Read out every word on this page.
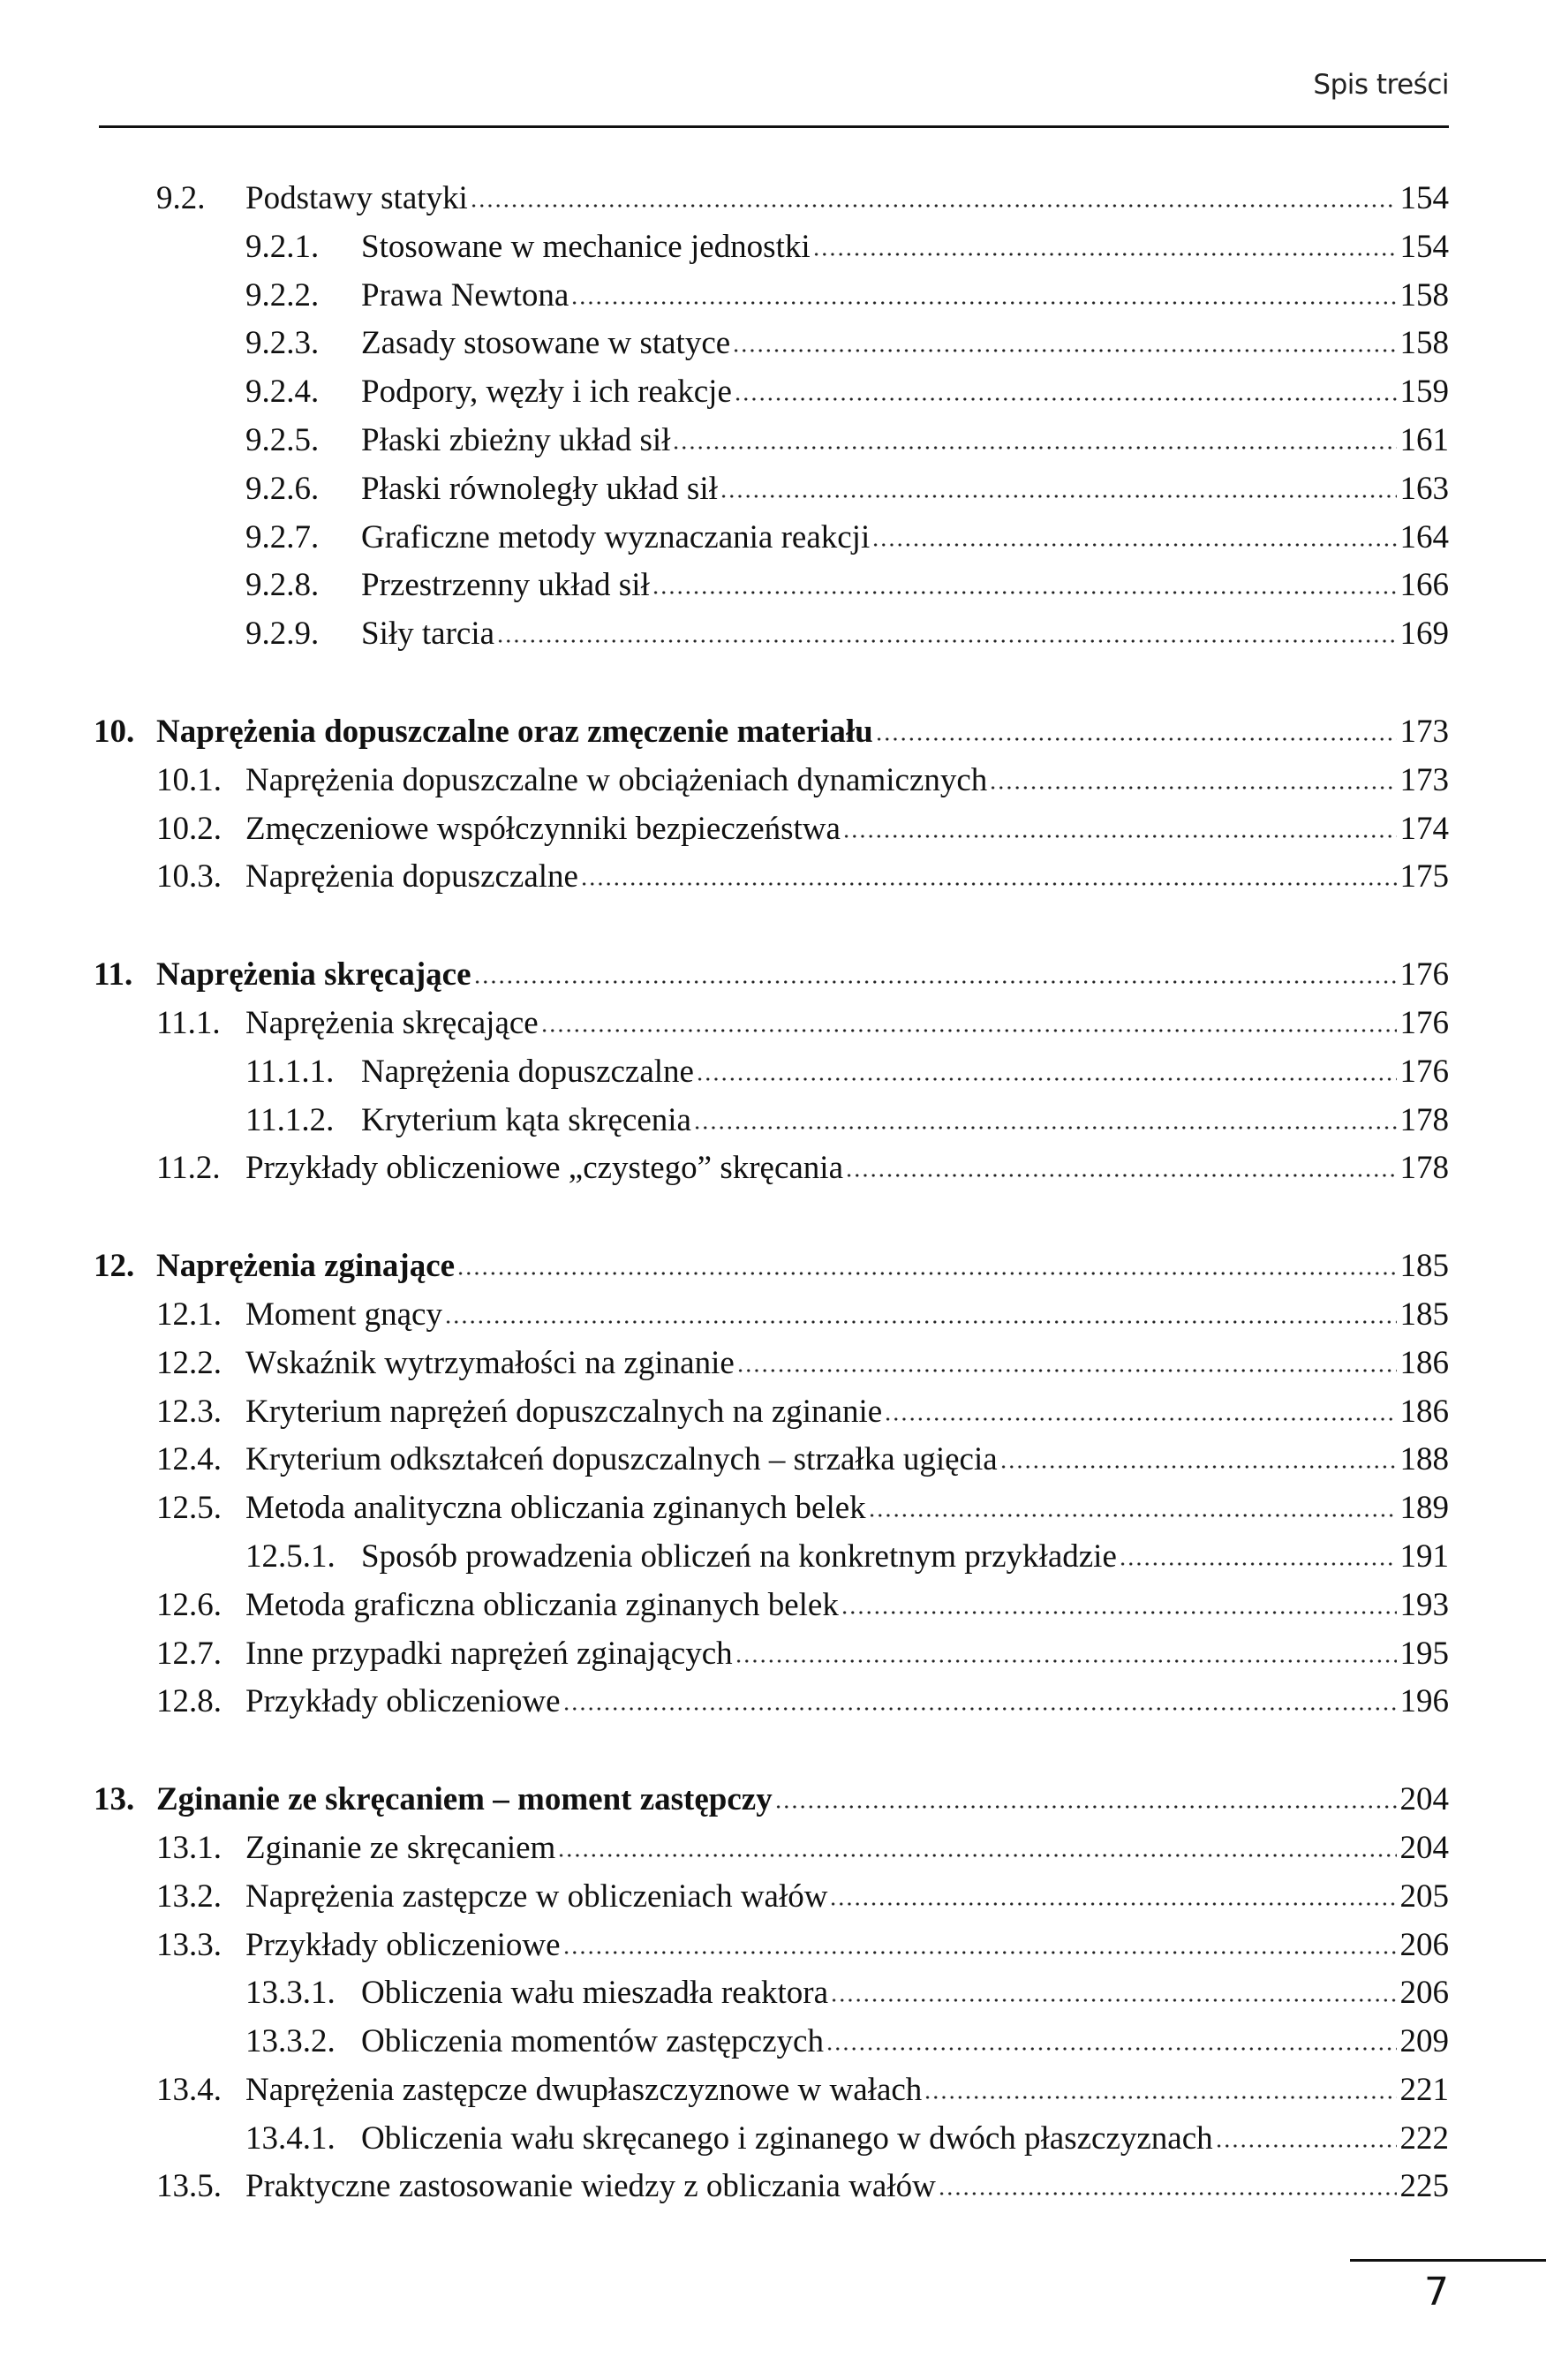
Spis treści
9.2. Podstawy statyki	154
9.2.1. Stosowane w mechanice jednostki	154
9.2.2. Prawa Newtona	158
9.2.3. Zasady stosowane w statyce	158
9.2.4. Podpory, węzły i ich reakcje	159
9.2.5. Płaski zbieżny układ sił	161
9.2.6. Płaski równoległy układ sił	163
9.2.7. Graficzne metody wyznaczania reakcji	164
9.2.8. Przestrzenny układ sił	166
9.2.9. Siły tarcia	169
10. Naprężenia dopuszczalne oraz zmęczenie materiału	173
10.1. Naprężenia dopuszczalne w obciążeniach dynamicznych	173
10.2. Zmęczeniowe współczynniki bezpieczeństwa	174
10.3. Naprężenia dopuszczalne	175
11. Naprężenia skręcające	176
11.1. Naprężenia skręcające	176
11.1.1. Naprężenia dopuszczalne	176
11.1.2. Kryterium kąta skręcenia	178
11.2. Przykłady obliczeniowe „czystego” skręcania	178
12. Naprężenia zginające	185
12.1. Moment gnący	185
12.2. Wskaźnik wytrzymałości na zginanie	186
12.3. Kryterium naprężeń dopuszczalnych na zginanie	186
12.4. Kryterium odkształceń dopuszczalnych – strzałka ugięcia	188
12.5. Metoda analityczna obliczania zginanych belek	189
12.5.1. Sposób prowadzenia obliczeń na konkretnym przykładzie	191
12.6. Metoda graficzna obliczania zginanych belek	193
12.7. Inne przypadki naprężeń zginających	195
12.8. Przykłady obliczeniowe	196
13. Zginanie ze skręcaniem – moment zastępczy	204
13.1. Zginanie ze skręcaniem	204
13.2. Naprężenia zastępcze w obliczeniach wałów	205
13.3. Przykłady obliczeniowe	206
13.3.1. Obliczenia wału mieszadła reaktora	206
13.3.2. Obliczenia momentów zastępczych	209
13.4. Naprężenia zastępcze dwupłaszczyznowe w wałach	221
13.4.1. Obliczenia wału skręcanego i zginanego w dwóch płaszczyznach	222
13.5. Praktyczne zastosowanie wiedzy z obliczania wałów	225
7
